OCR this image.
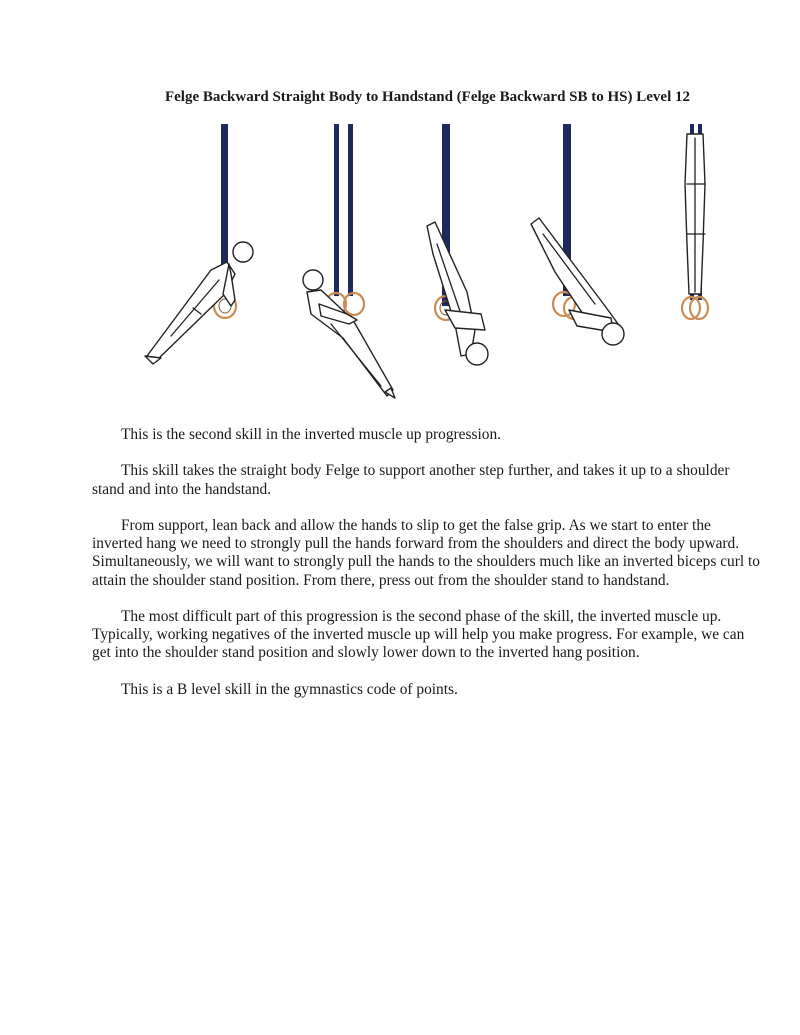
Felge Backward Straight Body to Handstand (Felge Backward SB to HS) Level 12

This is the second skill in the inverted muscle up progression.

This skill takes the straight body Felge to support another step further, and takes it up to a shoulder stand and into the handstand.

From support, lean back and allow the hands to slip to get the false grip. As we start to enter the inverted hang we need to strongly pull the hands forward from the shoulders and direct the body upward. Simultaneously, we will want to strongly pull the hands to the shoulders much like an inverted biceps curl to attain the shoulder stand position. From there, press out from the shoulder stand to handstand.

The most difficult part of this progression is the second phase of the skill, the inverted muscle up. Typically, working negatives of the inverted muscle up will help you make progress. For example, we can get into the shoulder stand position and slowly lower down to the inverted hang position.

This is a B level skill in the gymnastics code of points.
